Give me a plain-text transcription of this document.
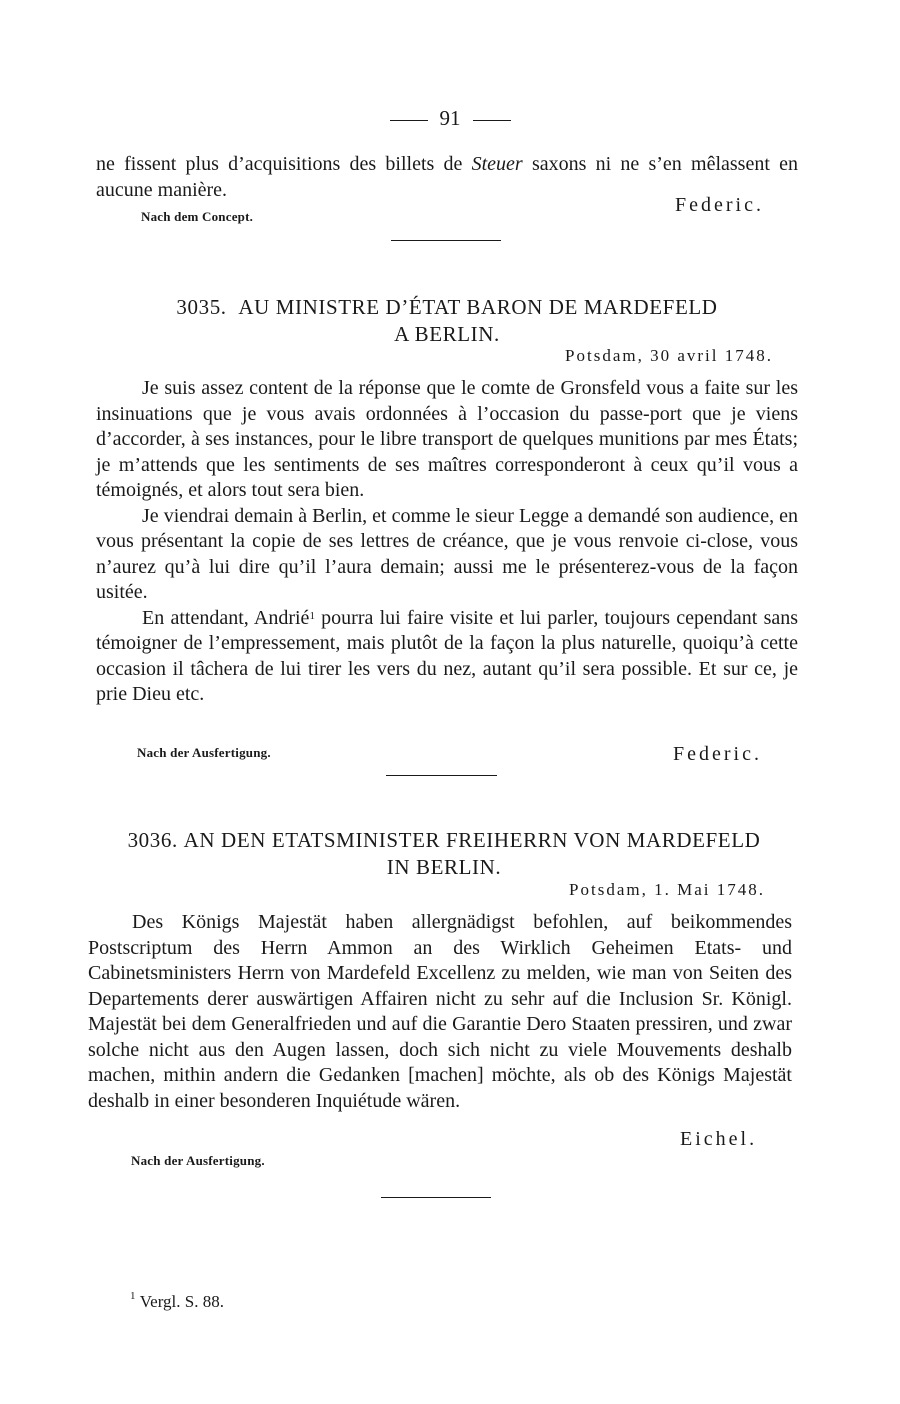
91

ne fissent plus d’acquisitions des billets de Steuer saxons ni ne s’en mêlassent en aucune manière.

Nach dem Concept.
Federic.
3035. AU MINISTRE D’ÉTAT BARON DE MARDEFELD
A BERLIN.
Potsdam, 30 avril 1748.

Je suis assez content de la réponse que le comte de Gronsfeld vous a faite sur les insinuations que je vous avais ordonnées à l’occasion du passe-port que je viens d’accorder, à ses instances, pour le libre transport de quelques munitions par mes États; je m’attends que les sentiments de ses maîtres corresponderont à ceux qu’il vous a témoignés, et alors tout sera bien.

Je viendrai demain à Berlin, et comme le sieur Legge a demandé son audience, en vous présentant la copie de ses lettres de créance, que je vous renvoie ci-close, vous n’aurez qu’à lui dire qu’il l’aura demain; aussi me le présenterez-vous de la façon usitée.

En attendant, Andrié$^1$ pourra lui faire visite et lui parler, toujours cependant sans témoigner de l’empressement, mais plutôt de la façon la plus naturelle, quoiqu’à cette occasion il tâchera de lui tirer les vers du nez, autant qu’il sera possible. Et sur ce, je prie Dieu etc.

Nach der Ausfertigung.	Federic.
3036. AN DEN ETATSMINISTER FREIHERRN VON MARDEFELD
IN BERLIN.
Potsdam, 1. Mai 1748.

Des Königs Majestät haben allergnädigst befohlen, auf beikommendes Postscriptum des Herrn Ammon an des Wirklich Geheimen Etats- und Cabinetsministers Herrn von Mardefeld Excellenz zu melden, wie man von Seiten des Departements derer auswärtigen Affairen nicht zu sehr auf die Inclusion Sr. Königl. Majestät bei dem Generalfrieden und auf die Garantie Dero Staaten pressiren, und zwar solche nicht aus den Augen lassen, doch sich nicht zu viele Mouvements deshalb machen, mithin andern die Gedanken [machen] möchte, als ob des Königs Majestät deshalb in einer besonderen Inquiétude wären.

Nach der Ausfertigung.
Eichel.
$^1$ Vergl. S. 88.
